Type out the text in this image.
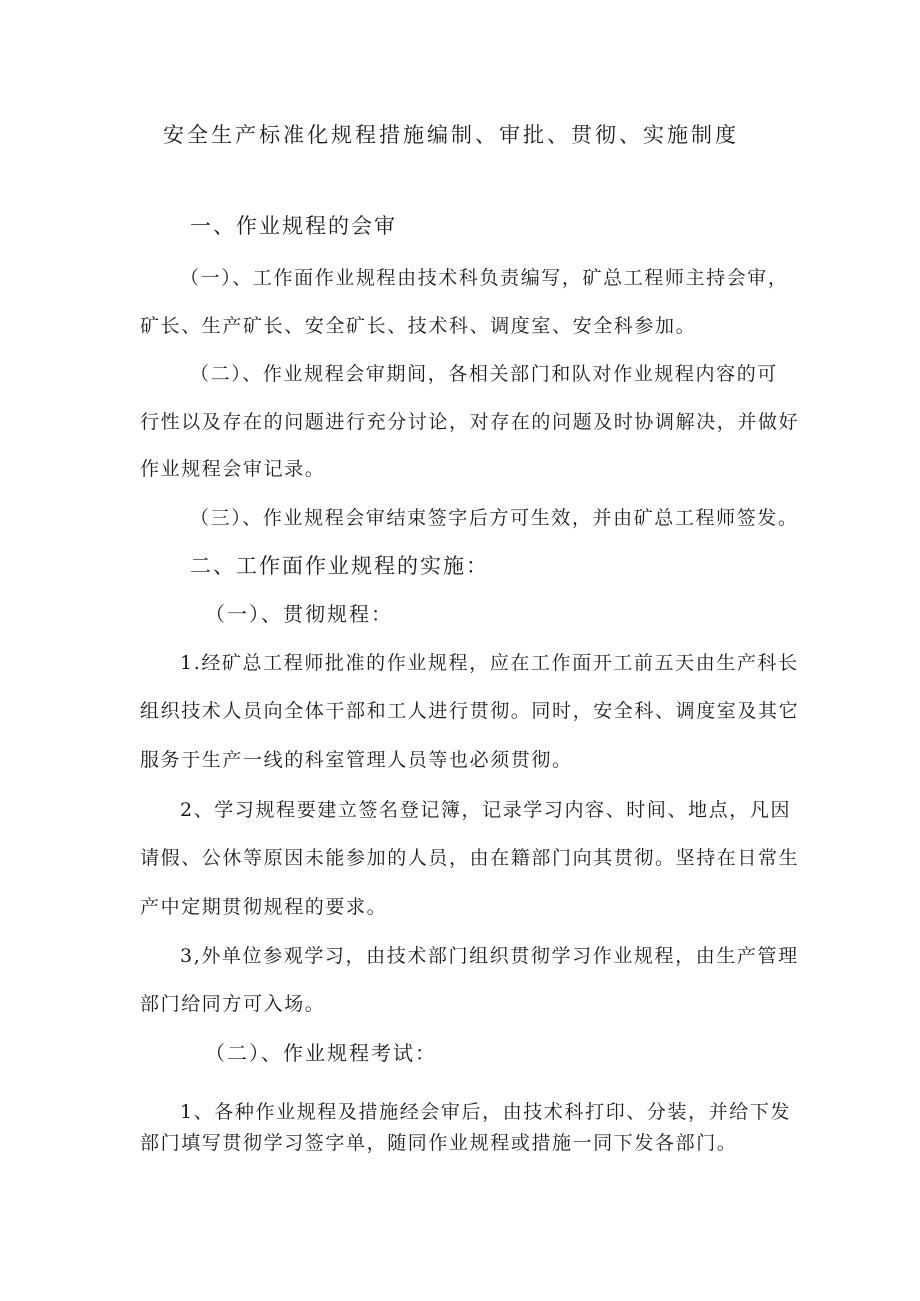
安全生产标准化规程措施编制、审批、贯彻、实施制度
一、作业规程的会审
（一）、工作面作业规程由技术科负责编写，矿总工程师主持会审，
矿长、生产矿长、安全矿长、技术科、调度室、安全科参加。
（二）、作业规程会审期间，各相关部门和队对作业规程内容的可
行性以及存在的问题进行充分讨论，对存在的问题及时协调解决，并做好
作业规程会审记录。
（三）、作业规程会审结束签字后方可生效，并由矿总工程师签发。
二、工作面作业规程的实施：
（一）、贯彻规程：
1.经矿总工程师批准的作业规程，应在工作面开工前五天由生产科长
组织技术人员向全体干部和工人进行贯彻。同时，安全科、调度室及其它
服务于生产一线的科室管理人员等也必须贯彻。
2、学习规程要建立签名登记簿，记录学习内容、时间、地点，凡因
请假、公休等原因未能参加的人员，由在籍部门向其贯彻。坚持在日常生
产中定期贯彻规程的要求。
3,外单位参观学习，由技术部门组织贯彻学习作业规程，由生产管理
部门给同方可入场。
（二）、作业规程考试：
1、各种作业规程及措施经会审后，由技术科打印、分装，并给下发
部门填写贯彻学习签字单，随同作业规程或措施一同下发各部门。
